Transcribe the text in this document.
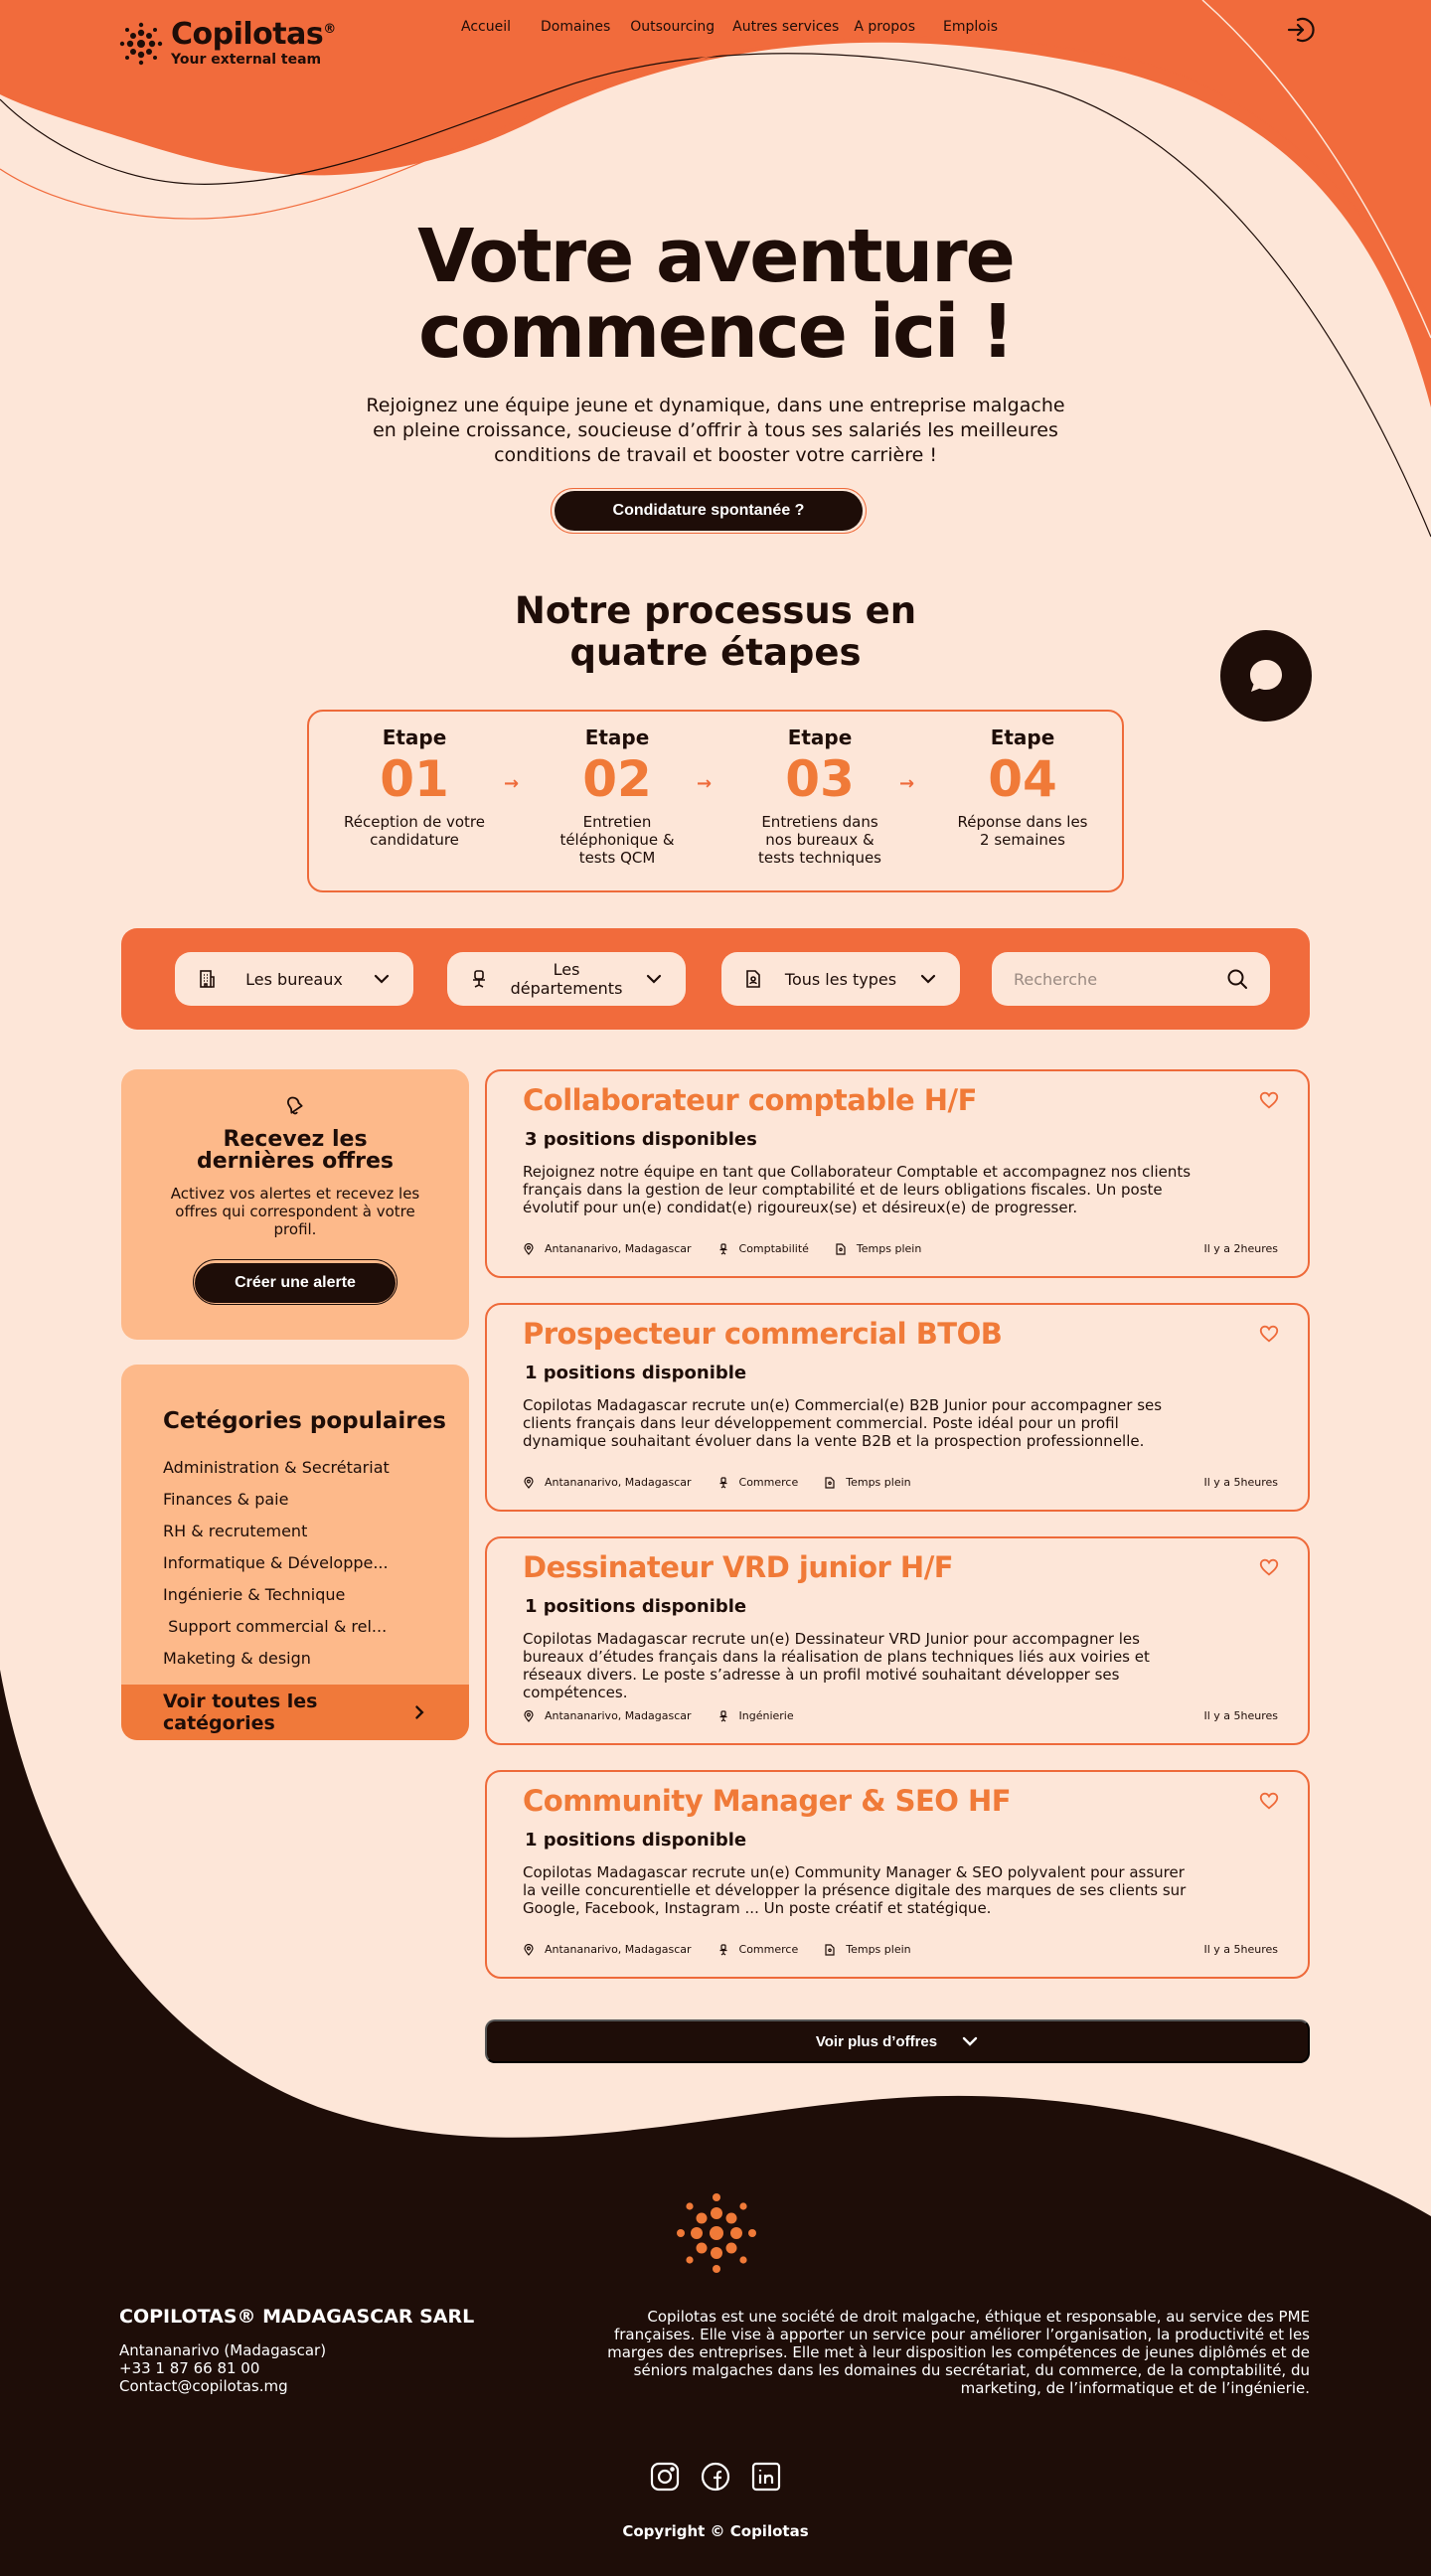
Copilotas®
Your external team
Accueil Domaines Outsourcing Autres services A propos Emplois
Votre aventure
commence ici !

Rejoignez une équipe jeune et dynamique, dans une entreprise malgache en pleine croissance, soucieuse d’offrir à tous ses salariés les meilleures conditions de travail et booster votre carrière !

Condidature spontanée ?
Notre processus en
quatre étapes
Etape
01
Réception de votre candidature
→
Etape
02
Entretien téléphonique & tests QCM
→
Etape
03
Entretiens dans nos bureaux & tests techniques
→
Etape
04
Réponse dans les 2 semaines
Les bureaux	Les départements	Tous les types	Recherche
Recevez les
dernières offres

Activez vos alertes et recevez les offres qui correspondent à votre profil.

Créer une alerte
Cetégories populaires
Administration & Secrétariat
Finances & paie
RH & recrutement
Informatique & Développe...
Ingénierie & Technique
Support commercial & rel...
Maketing & design
Voir toutes les catégories
Collaborateur comptable H/F
3 positions disponibles

Rejoignez notre équipe en tant que Collaborateur Comptable et accompagnez nos clients français dans la gestion de leur comptabilité et de leurs obligations fiscales. Un poste évolutif pour un(e) condidat(e) rigoureux(se) et désireux(e) de progresser.

Antananarivo, Madagascar	Comptabilité	Temps plein	Il y a 2heures
Prospecteur commercial BTOB
1 positions disponible

Copilotas Madagascar recrute un(e) Commercial(e) B2B Junior pour accompagner ses clients français dans leur développement commercial. Poste idéal pour un profil dynamique souhaitant évoluer dans la vente B2B et la prospection professionnelle.

Antananarivo, Madagascar	Commerce	Temps plein	Il y a 5heures
Dessinateur VRD junior H/F
1 positions disponible

Copilotas Madagascar recrute un(e) Dessinateur VRD Junior pour accompagner les bureaux d’études français dans la réalisation de plans techniques liés aux voiries et réseaux divers. Le poste s’adresse à un profil motivé souhaitant développer ses compétences.

Antananarivo, Madagascar	Ingénierie	Il y a 5heures
Community Manager & SEO HF
1 positions disponible

Copilotas Madagascar recrute un(e) Community Manager & SEO polyvalent pour assurer la veille concurentielle et développer la présence digitale des marques de ses clients sur Google, Facebook, Instagram ... Un poste créatif et statégique.

Antananarivo, Madagascar	Commerce	Temps plein	Il y a 5heures
Voir plus d’offres
COPILOTAS® MADAGASCAR SARL
Antananarivo (Madagascar)
+33 1 87 66 81 00
Contact@copilotas.mg

Copilotas est une société de droit malgache, éthique et responsable, au service des PME françaises. Elle vise à apporter un service pour améliorer l’organisation, la productivité et les marges des entreprises. Elle met à leur disposition les compétences de jeunes diplômés et de séniors malgaches dans les domaines du secrétariat, du commerce, de la comptabilité, du marketing, de l’informatique et de l’ingénierie.

Copyright © Copilotas
